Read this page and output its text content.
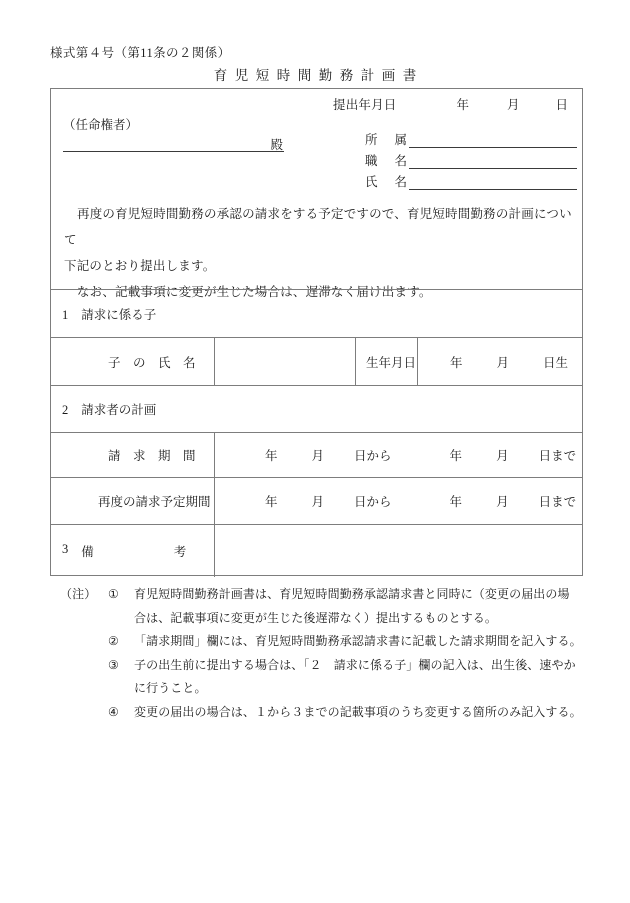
様式第４号（第11条の２関係）
育児短時間勤務計画書
提出年月日	年	月	日
（任命権者）
殿	所 属
職 名
氏 名

再度の育児短時間勤務の承認の請求をする予定ですので、育児短時間勤務の計画について

下記のとおり提出します。

なお、記載事項に変更が生じた場合は、遅滞なく届け出ます。

1 請求に係る子
子　の　氏　名	生年月日	年	月	日生
2 請求者の計画
請　求　期　間	年	月 日から	年	月 日まで
再度の請求予定期間	年	月 日から	年	月 日まで
3 備	考
（注） ① 育児短時間勤務計画書は、育児短時間勤務承認請求書と同時に（変更の届出の場
合は、記載事項に変更が生じた後遅滞なく）提出するものとする。
② 「請求期間」欄には、育児短時間勤務承認請求書に記載した請求期間を記入する。
③ 子の出生前に提出する場合は、「２　請求に係る子」欄の記入は、出生後、速やか
に行うこと。
④ 変更の届出の場合は、１から３までの記載事項のうち変更する箇所のみ記入する。
